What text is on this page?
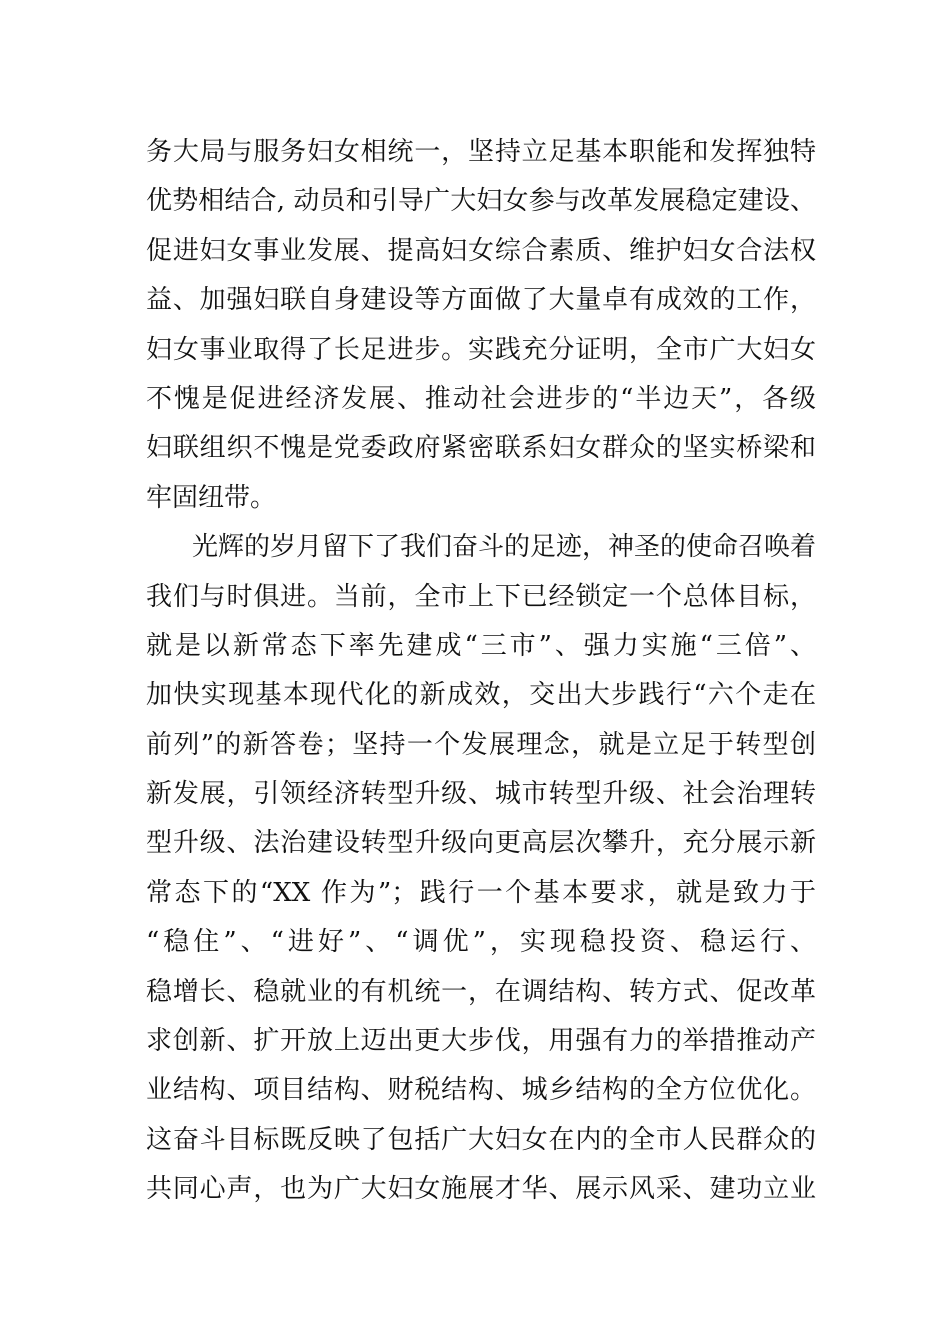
务大局与服务妇女相统一，坚持立足基本职能和发挥独特
优势相结合, 动员和引导广大妇女参与改革发展稳定建设、
促进妇女事业发展、提高妇女综合素质、维护妇女合法权
益、加强妇联自身建设等方面做了大量卓有成效的工作，
妇女事业取得了长足进步。实践充分证明，全市广大妇女
不愧是促进经济发展、推动社会进步的“半边天”，各级
妇联组织不愧是党委政府紧密联系妇女群众的坚实桥梁和
牢固纽带。
光辉的岁月留下了我们奋斗的足迹，神圣的使命召唤着
我们与时俱进。当前，全市上下已经锁定一个总体目标，
就是以新常态下率先建成“三市”、强力实施“三倍”、
加快实现基本现代化的新成效，交出大步践行“六个走在
前列”的新答卷；坚持一个发展理念，就是立足于转型创
新发展，引领经济转型升级、城市转型升级、社会治理转
型升级、法治建设转型升级向更高层次攀升，充分展示新
常态下的“XX 作为”；践行一个基本要求，就是致力于
“稳住”、“进好”、“调优”，实现稳投资、稳运行、
稳增长、稳就业的有机统一，在调结构、转方式、促改革
求创新、扩开放上迈出更大步伐，用强有力的举措推动产
业结构、项目结构、财税结构、城乡结构的全方位优化。
这奋斗目标既反映了包括广大妇女在内的全市人民群众的
共同心声，也为广大妇女施展才华、展示风采、建功立业
